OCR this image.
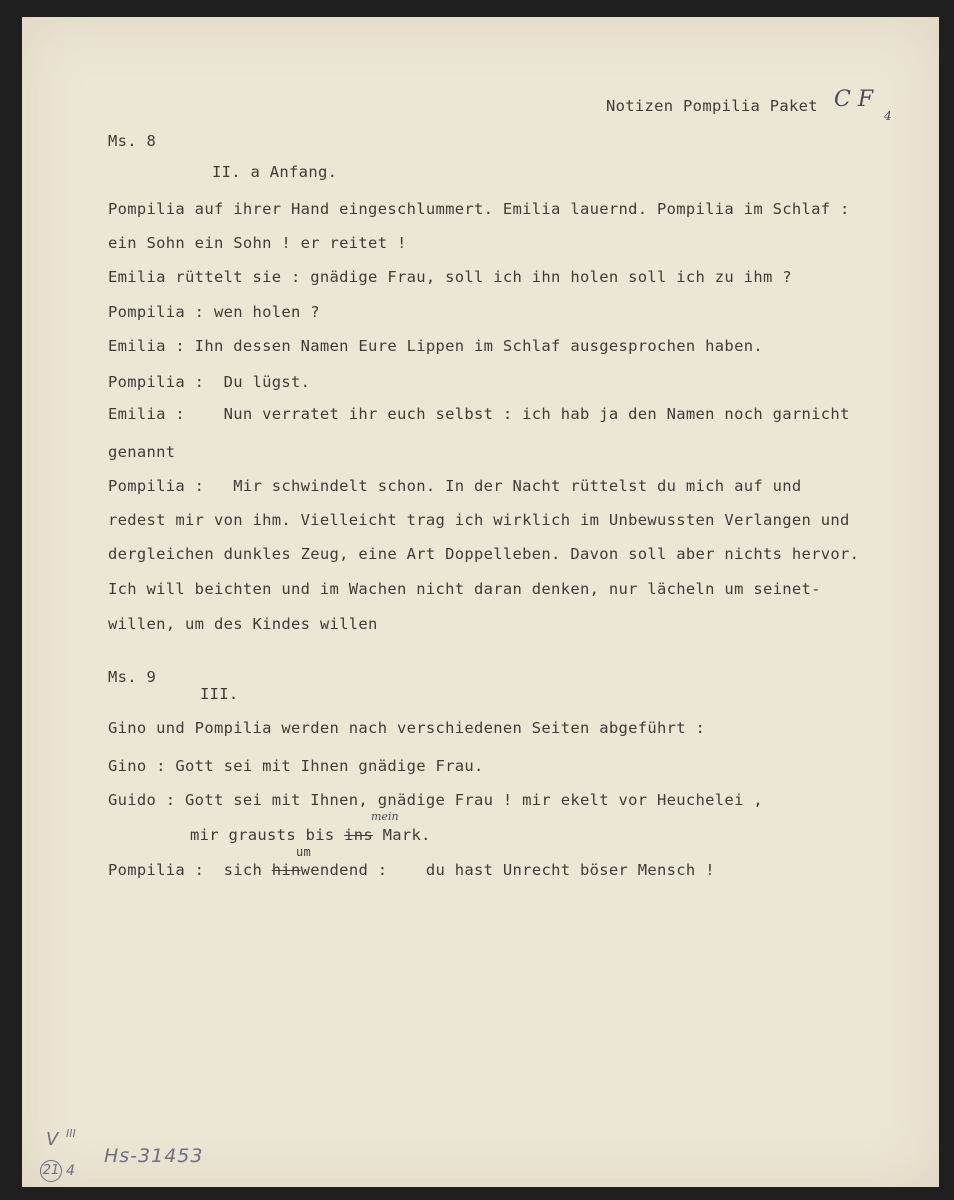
Notizen Pompilia Paket C F
4
Ms. 8
II. a Anfang.
Pompilia auf ihrer Hand eingeschlummert. Emilia lauernd. Pompilia im Schlaf :
ein Sohn ein Sohn ! er reitet !
Emilia rüttelt sie : gnädige Frau, soll ich ihn holen soll ich zu ihm ?
Pompilia : wen holen ?
Emilia : Ihn dessen Namen Eure Lippen im Schlaf ausgesprochen haben.
Pompilia :  Du lügst.
Emilia :    Nun verratet ihr euch selbst : ich hab ja den Namen noch garnicht
genannt
Pompilia :   Mir schwindelt schon. In der Nacht rüttelst du mich auf und
redest mir von ihm. Vielleicht trag ich wirklich im Unbewussten Verlangen und
dergleichen dunkles Zeug, eine Art Doppelleben. Davon soll aber nichts hervor.
Ich will beichten und im Wachen nicht daran denken, nur lächeln um seinet-
willen, um des Kindes willen
Ms. 9
III.
Gino und Pompilia werden nach verschiedenen Seiten abgeführt :
Gino : Gott sei mit Ihnen gnädige Frau.
Guido : Gott sei mit Ihnen, gnädige Frau ! mir ekelt vor Heuchelei ,
mir grausts bis ins Mark.
mein
Pompilia :  sich hinwendend :    du hast Unrecht böser Mensch !
um
V III
21 4
Hs-31453
